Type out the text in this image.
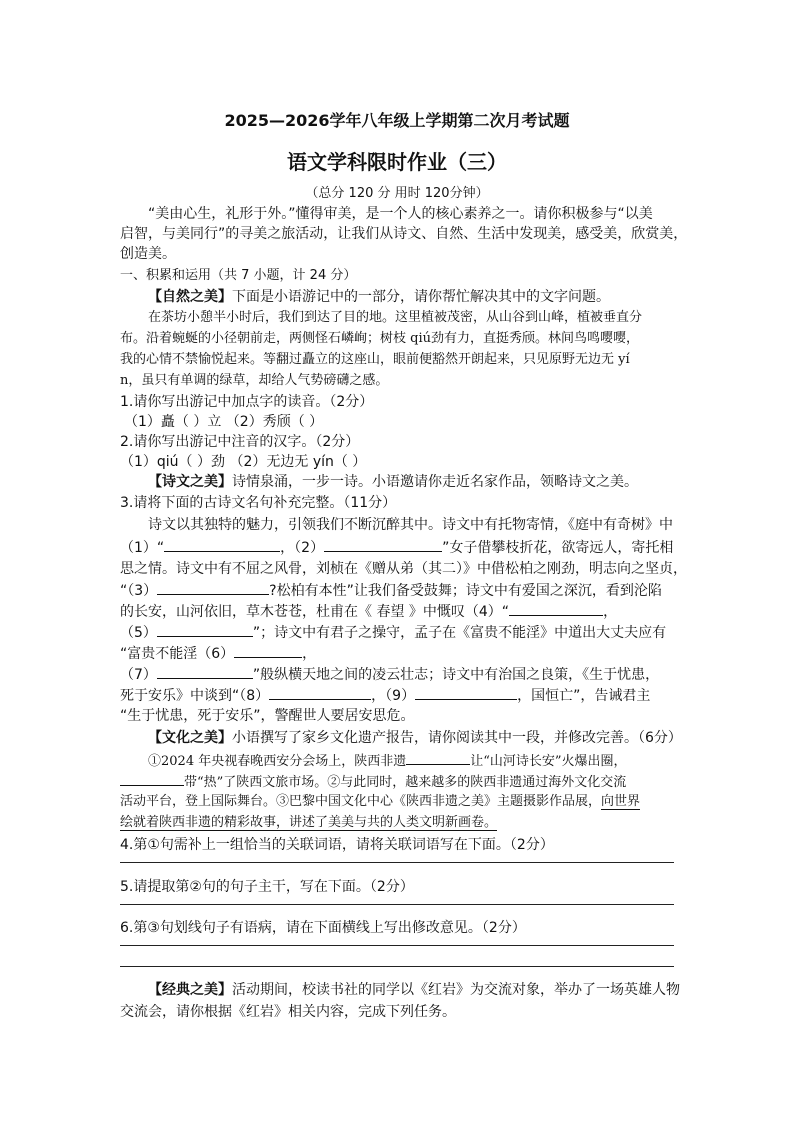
2025—2026学年八年级上学期第二次月考试题
语文学科限时作业（三）
（总分 120 分 用时 120分钟）
“美由心生，礼形于外。”懂得审美，是一个人的核心素养之一。请你积极参与“以美
启智，与美同行”的寻美之旅活动，让我们从诗文、自然、生活中发现美，感受美，欣赏美，
创造美。
一、积累和运用（共 7 小题，计 24 分）
【自然之美】下面是小语游记中的一部分，请你帮忙解决其中的文字问题。
在茶坊小憩半小时后，我们到达了目的地。这里植被茂密，从山谷到山峰，植被垂直分
布。沿着蜿蜒的小径朝前走，两侧怪石嶙峋；树枝 qiú劲有力，直挺秀颀。林间鸟鸣嘤嘤，
我的心情不禁愉悦起来。等翻过矗立的这座山，眼前便豁然开朗起来，只见原野无边无 yí
n，虽只有单调的绿草，却给人气势磅礴之感。
1.请你写出游记中加点字的读音。（2分）
（1）矗（ ）立 （2）秀颀（ ）
2.请你写出游记中注音的汉字。（2分）
（1）qiú（ ）劲 （2）无边无 yín（ ）
【诗文之美】诗情泉涌，一步一诗。小语邀请你走近名家作品，领略诗文之美。
3.请将下面的古诗文名句补充完整。（11分）
诗文以其独特的魅力，引领我们不断沉醉其中。诗文中有托物寄情，《庭中有奇树》中
（1）“	，（2）	”女子借攀枝折花，欲寄远人，寄托相
思之情。诗文中有不屈之风骨，刘桢在《赠从弟（其二）》中借松柏之刚劲，明志向之坚贞，
“（3）	?松柏有本性”让我们备受鼓舞；诗文中有爱国之深沉，看到沦陷
的长安，山河依旧，草木苍苍，杜甫在《 春望 》中慨叹（4）“	，
（5）	”；诗文中有君子之操守，孟子在《富贵不能淫》中道出大丈夫应有
“富贵不能淫（6）	，
（7）	”般纵横天地之间的凌云壮志；诗文中有治国之良策，《生于忧患，
死于安乐》中谈到“（8）	，（9）	，国恒亡”，告诫君主
“生于忧患，死于安乐”，警醒世人要居安思危。
【文化之美】小语撰写了家乡文化遗产报告，请你阅读其中一段，并修改完善。（6分）
①2024 年央视春晚西安分会场上，陕西非遗	让“山河诗长安”火爆出圈，
带“热”了陕西文旅市场。②与此同时，越来越多的陕西非遗通过海外文化交流
活动平台，登上国际舞台。③巴黎中国文化中心《陕西非遗之美》主题摄影作品展，向世界
绘就着陕西非遗的精彩故事，讲述了美美与共的人类文明新画卷。
4.第①句需补上一组恰当的关联词语，请将关联词语写在下面。（2分）
5.请提取第②句的句子主干，写在下面。（2分）
6.第③句划线句子有语病，请在下面横线上写出修改意见。（2分）
【经典之美】活动期间，校读书社的同学以《红岩》为交流对象，举办了一场英雄人物
交流会，请你根据《红岩》相关内容，完成下列任务。
